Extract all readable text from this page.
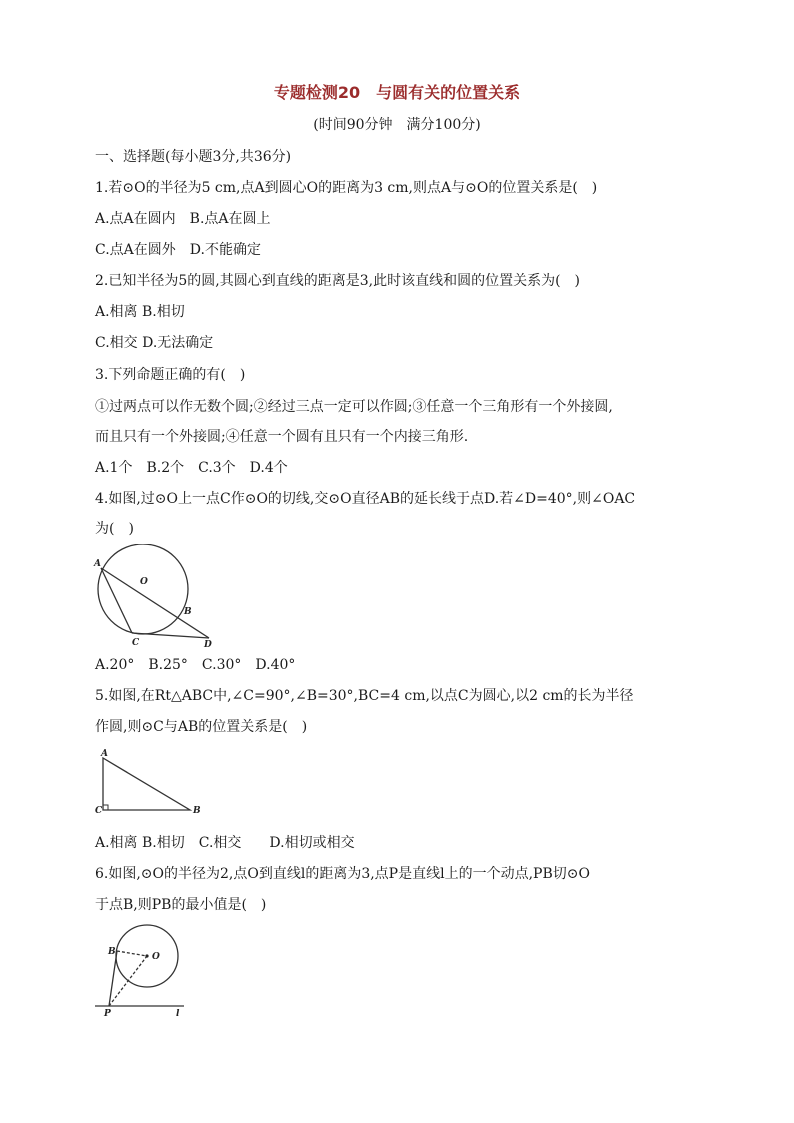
专题检测20　与圆有关的位置关系
(时间90分钟　满分100分)
一、选择题(每小题3分,共36分)
1.若⊙O的半径为5 cm,点A到圆心O的距离为3 cm,则点A与⊙O的位置关系是(　)
A.点A在圆内　B.点A在圆上
C.点A在圆外　D.不能确定
2.已知半径为5的圆,其圆心到直线的距离是3,此时该直线和圆的位置关系为(　)
A.相离 B.相切
C.相交 D.无法确定
3.下列命题正确的有(　)
①过两点可以作无数个圆;②经过三点一定可以作圆;③任意一个三角形有一个外接圆,
而且只有一个外接圆;④任意一个圆有且只有一个内接三角形.
A.1个　B.2个　C.3个　D.4个
4.如图,过⊙O上一点C作⊙O的切线,交⊙O直径AB的延长线于点D.若∠D=40°,则∠OAC
为(　)
A
O
B
C	D
A.20°　B.25°　C.30°　D.40°
5.如图,在Rt△ABC中,∠C=90°,∠B=30°,BC=4 cm,以点C为圆心,以2 cm的长为半径
作圆,则⊙C与AB的位置关系是(　)
A
C	B
A.相离 B.相切　C.相交　　D.相切或相交
6.如图,⊙O的半径为2,点O到直线l的距离为3,点P是直线l上的一个动点,PB切⊙O
于点B,则PB的最小值是(　)
B	O
P	l
